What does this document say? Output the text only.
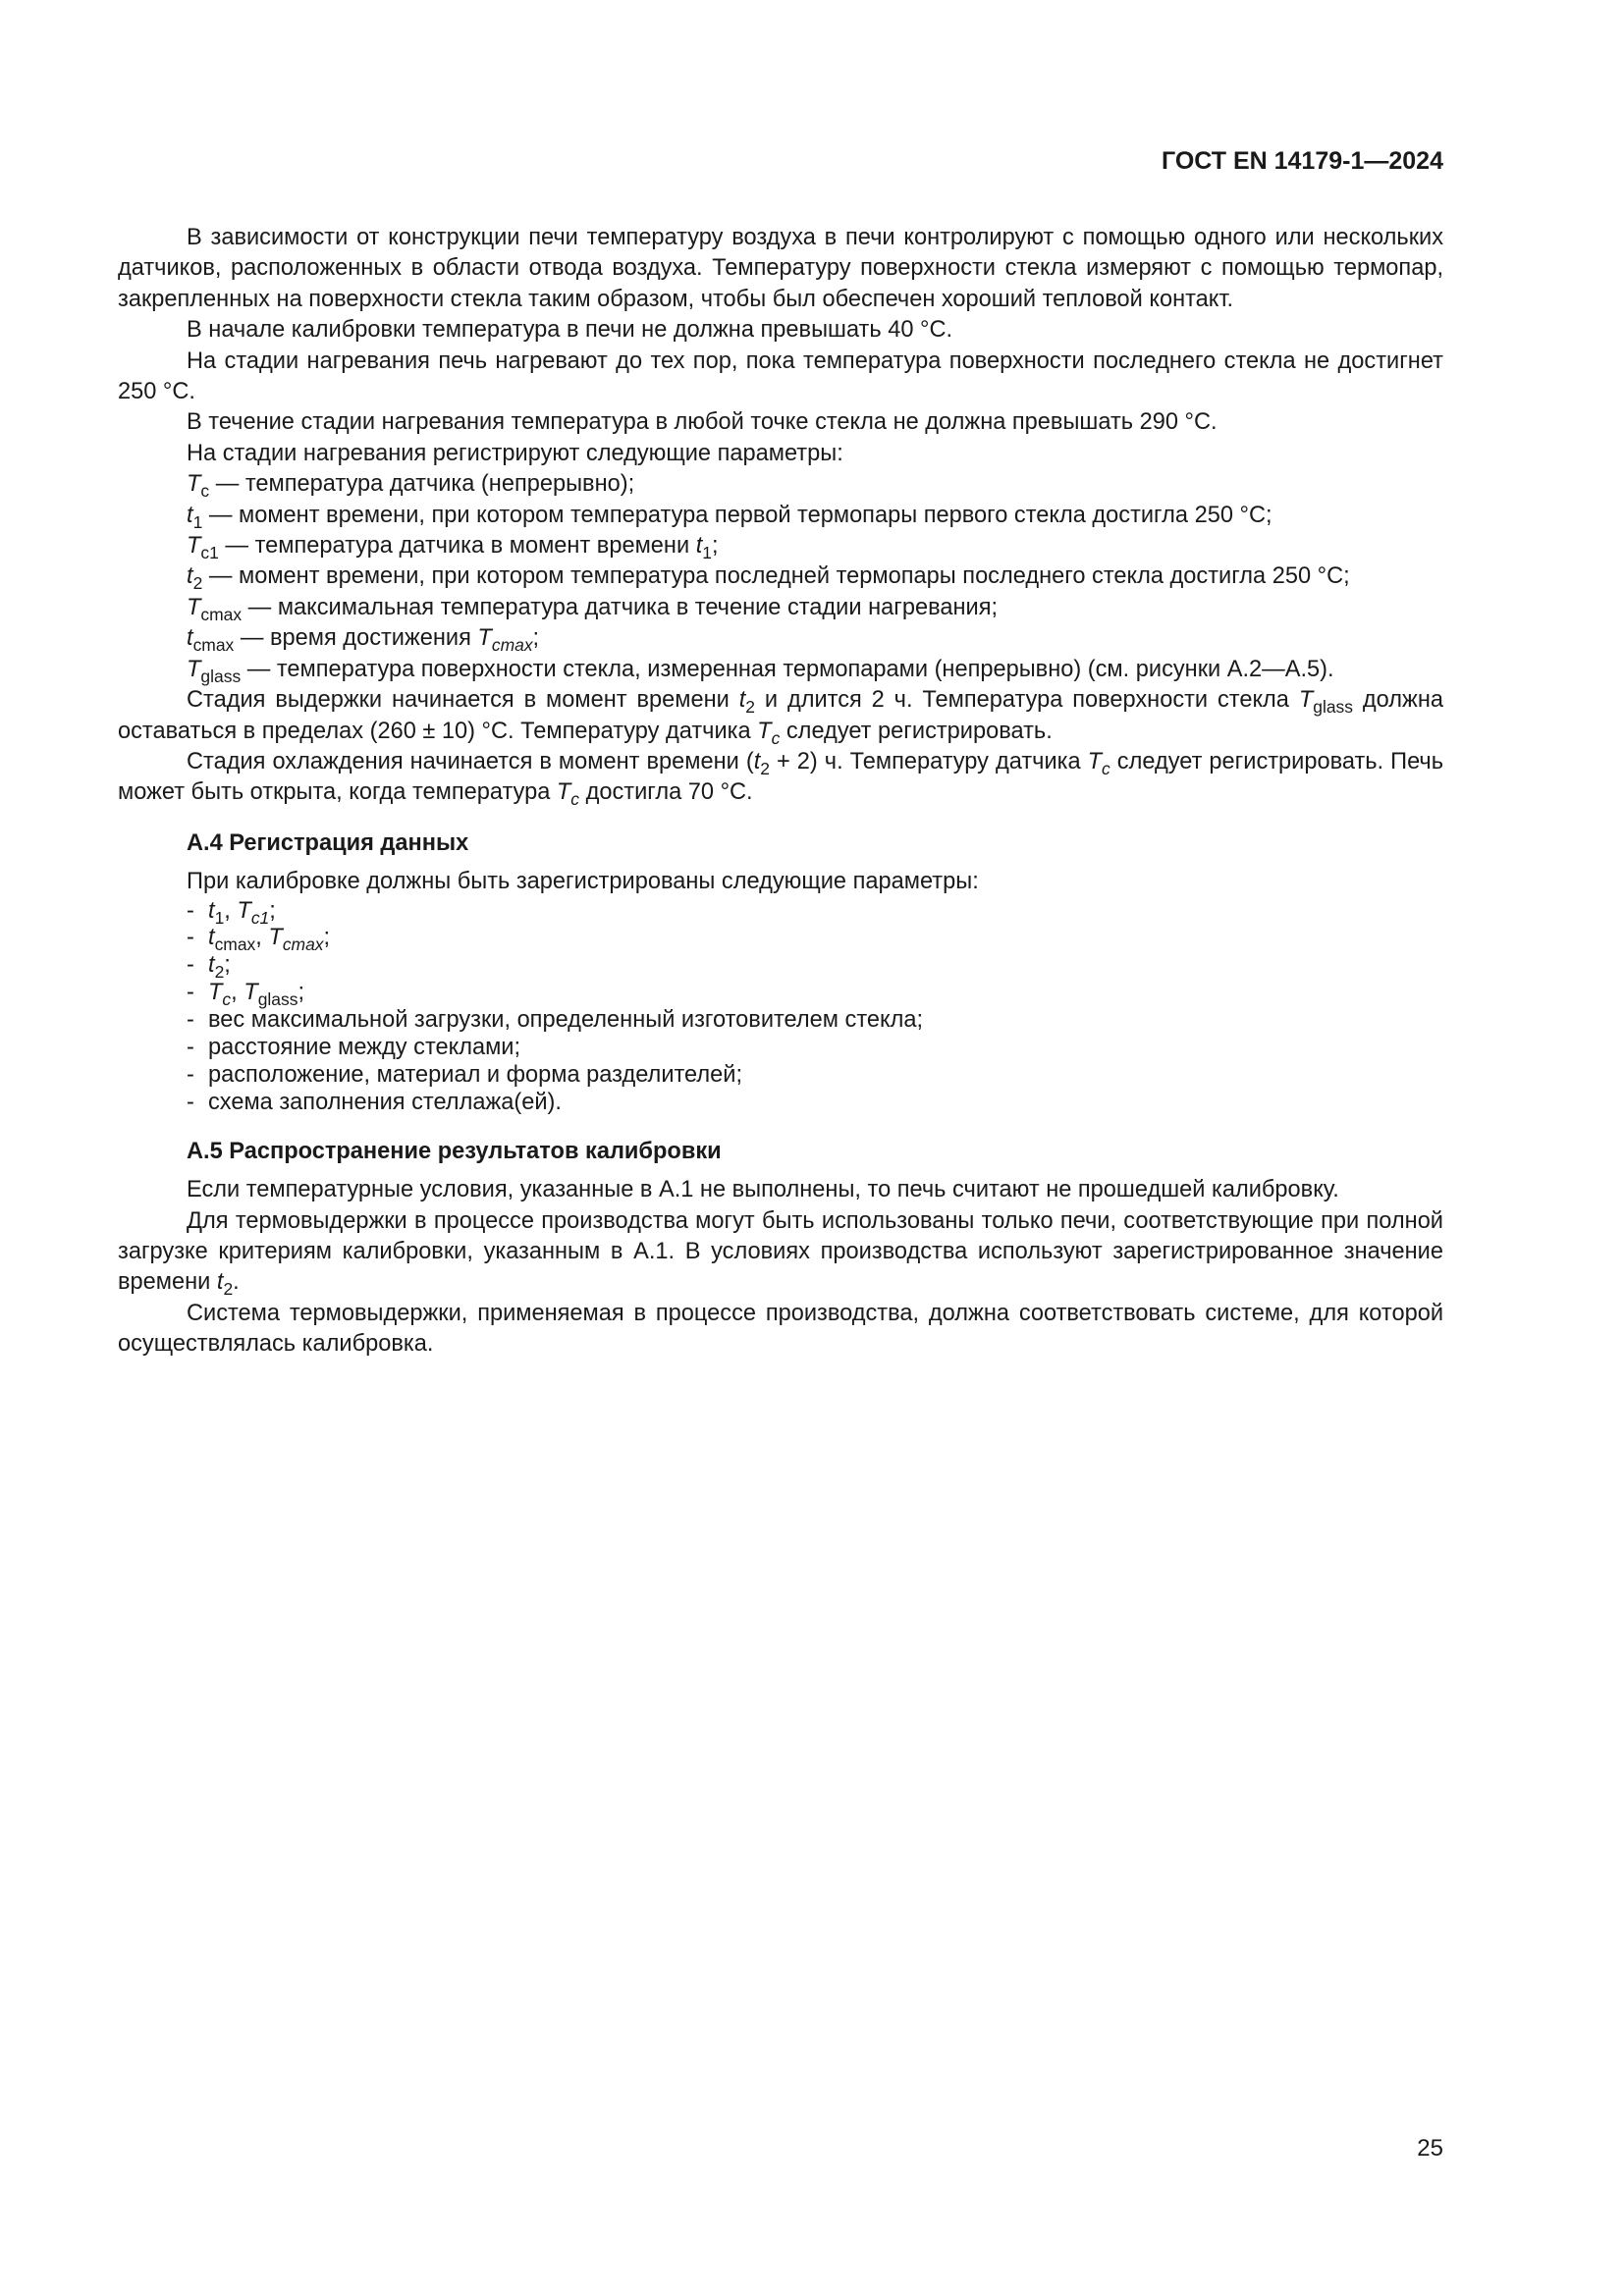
ГОСТ EN 14179-1—2024

В зависимости от конструкции печи температуру воздуха в печи контролируют с помощью одного или нескольких датчиков, расположенных в области отвода воздуха. Температуру поверхности стекла измеряют с помощью термопар, закрепленных на поверхности стекла таким образом, чтобы был обеспечен хороший тепловой контакт.

В начале калибровки температура в печи не должна превышать 40 °С.

На стадии нагревания печь нагревают до тех пор, пока температура поверхности последнего стекла не достигнет 250 °С.

В течение стадии нагревания температура в любой точке стекла не должна превышать 290 °С.

На стадии нагревания регистрируют следующие параметры:

$T_c$ — температура датчика (непрерывно);

$t_1$ — момент времени, при котором температура первой термопары первого стекла достигла 250 °С;

$T_{c1}$ — температура датчика в момент времени $t_1$;

$t_2$ — момент времени, при котором температура последней термопары последнего стекла достигла 250 °С;

$T_{cmax}$ — максимальная температура датчика в течение стадии нагревания;

$t_{cmax}$ — время достижения $T_{cmax}$;

$T_{glass}$ — температура поверхности стекла, измеренная термопарами (непрерывно) (см. рисунки А.2—А.5).

Стадия выдержки начинается в момент времени $t_2$ и длится 2 ч. Температура поверхности стекла $T_{glass}$ должна оставаться в пределах (260 ± 10) °С. Температуру датчика $T_c$ следует регистрировать.

Стадия охлаждения начинается в момент времени $(t_2 + 2)$ ч. Температуру датчика $T_c$ следует регистрировать. Печь может быть открыта, когда температура $T_c$ достигла 70 °С.

А.4 Регистрация данных

При калибровке должны быть зарегистрированы следующие параметры:

- $t_1$, $T_{c1}$;
- $t_{cmax}$, $T_{cmax}$;
- $t_2$;
- $T_c$, $T_{glass}$;
- вес максимальной загрузки, определенный изготовителем стекла;
- расстояние между стеклами;
- расположение, материал и форма разделителей;
- схема заполнения стеллажа(ей).
А.5 Распространение результатов калибровки

Если температурные условия, указанные в А.1 не выполнены, то печь считают не прошедшей калибровку.

Для термовыдержки в процессе производства могут быть использованы только печи, соответствующие при полной загрузке критериям калибровки, указанным в А.1. В условиях производства используют зарегистрированное значение времени $t_2$.

Система термовыдержки, применяемая в процессе производства, должна соответствовать системе, для которой осуществлялась калибровка.

25
